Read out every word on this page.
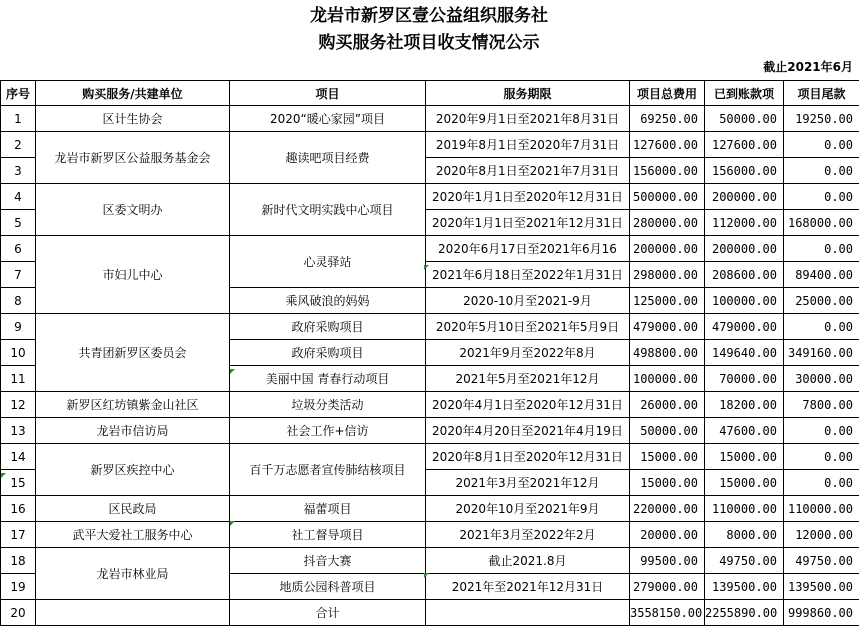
龙岩市新罗区壹公益组织服务社
购买服务社项目收支情况公示
截止2021年6月
序号	购买服务/共建单位	项目	服务期限	项目总费用	已到账款项	项目尾款
1	区计生协会	2020“暖心家园”项目	2020年9月1日至2021年8月31日	69250.00	50000.00	19250.00
2	龙岩市新罗区公益服务基金会	趣读吧项目经费	2019年8月1日至2020年7月31日	127600.00	127600.00	0.00
3			2020年8月1日至2021年7月31日	156000.00	156000.00	0.00
4	区委文明办	新时代文明实践中心项目	2020年1月1日至2020年12月31日	500000.00	200000.00	0.00
5			2020年1月1日至2021年12月31日	280000.00	112000.00	168000.00
6	市妇儿中心	心灵驿站	2020年6月17日至2021年6月16	200000.00	200000.00	0.00
7			2021年6月18日至2022年1月31日	298000.00	208600.00	89400.00
8		乘风破浪的妈妈	2020-10月至2021-9月	125000.00	100000.00	25000.00
9	共青团新罗区委员会	政府采购项目	2020年5月10日至2021年5月9日	479000.00	479000.00	0.00
10		政府采购项目	2021年9月至2022年8月	498800.00	149640.00	349160.00
11		美丽中国 青春行动项目	2021年5月至2021年12月	100000.00	70000.00	30000.00
12	新罗区红坊镇紫金山社区	垃圾分类活动	2020年4月1日至2020年12月31日	26000.00	18200.00	7800.00
13	龙岩市信访局	社会工作+信访	2020年4月20日至2021年4月19日	50000.00	47600.00	0.00
14	新罗区疾控中心	百千万志愿者宣传肺结核项目	2020年8月1日至2020年12月31日	15000.00	15000.00	0.00
15			2021年3月至2021年12月	15000.00	15000.00	0.00
16	区民政局	福蕾项目	2020年10月至2021年9月	220000.00	110000.00	110000.00
17	武平大爱社工服务中心	社工督导项目	2021年3月至2022年2月	20000.00	8000.00	12000.00
18	龙岩市林业局	抖音大赛	截止2021.8月	99500.00	49750.00	49750.00
19		地质公园科普项目	2021年至2021年12月31日	279000.00	139500.00	139500.00
20		合计		3558150.00	2255890.00	999860.00
